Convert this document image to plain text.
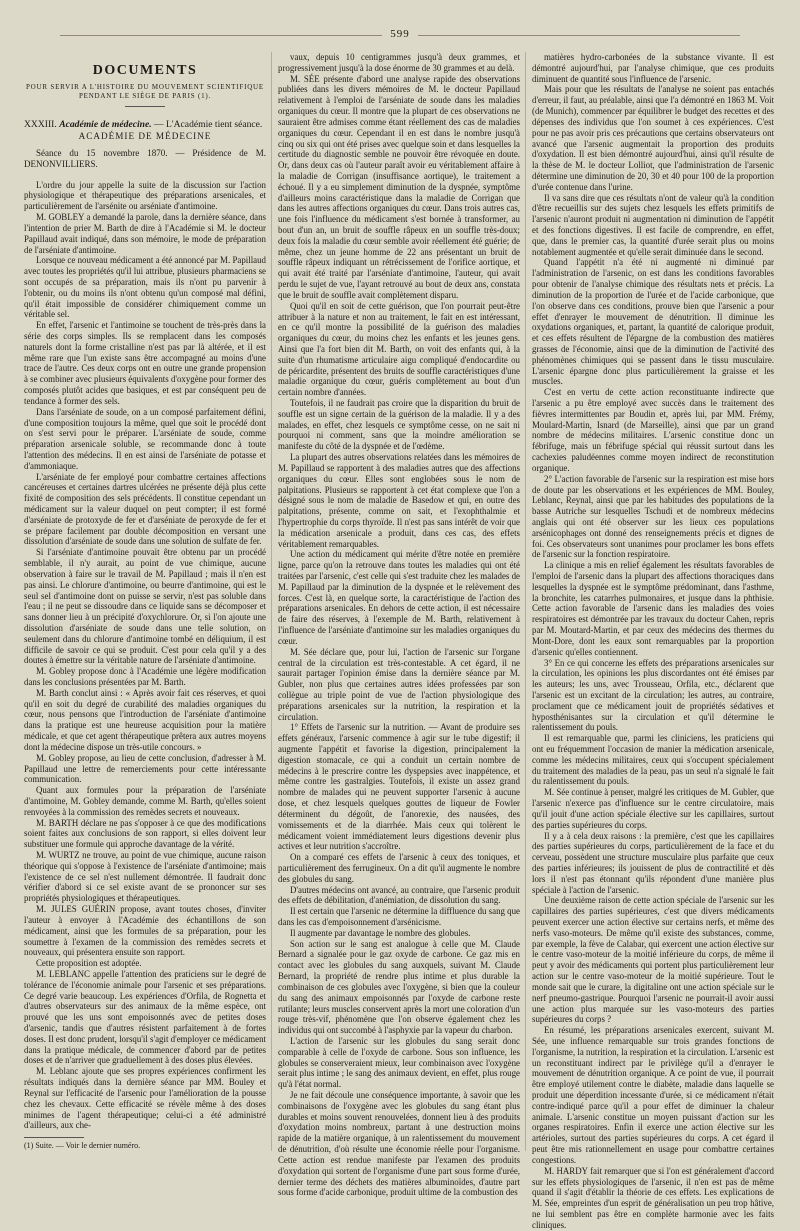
599
DOCUMENTS
POUR SERVIR A L'HISTOIRE DU MOUVEMENT SCIENTIFIQUE
PENDANT LE SIÈGE DE PARIS (1).

XXXIII. Académie de médecine. — L'Académie tient séance.

ACADÉMIE DE MÉDECINE

Séance du 15 novembre 1870. — Présidence de M. DENONVILLIERS.

L'ordre du jour appelle la suite de la discussion sur l'action physiologique et thérapeutique des préparations arsenicales, et particulièrement de l'arsénite ou arséniate d'antimoine.

M. GOBLEY a demandé la parole, dans la dernière séance, dans l'intention de prier M. Barth de dire à l'Académie si M. le docteur Papillaud avait indiqué, dans son mémoire, le mode de préparation de l'arséniate d'antimoine.

Lorsque ce nouveau médicament a été annoncé par M. Papillaud avec toutes les propriétés qu'il lui attribue, plusieurs pharmaciens se sont occupés de sa préparation, mais ils n'ont pu parvenir à l'obtenir, ou du moins ils n'ont obtenu qu'un composé mal défini, qu'il était impossible de considérer chimiquement comme un véritable sel.

En effet, l'arsenic et l'antimoine se touchent de très-près dans la série des corps simples. Ils se remplacent dans les composés naturels dont la forme cristalline n'est pas par là altérée, et il est même rare que l'un existe sans être accompagné au moins d'une trace de l'autre. Ces deux corps ont en outre une grande propension à se combiner avec plusieurs équivalents d'oxygène pour former des composés plutôt acides que basiques, et est par conséquent peu de tendance à former des sels.

Dans l'arséniate de soude, on a un composé parfaitement défini, d'une composition toujours la même, quel que soit le procédé dont on s'est servi pour le préparer. L'arséniate de soude, comme préparation arsenicale soluble, se recommande donc à toute l'attention des médecins. Il en est ainsi de l'arséniate de potasse et d'ammoniaque.

L'arséniate de fer employé pour combattre certaines affections cancéreuses et certaines dartres ulcérées ne présente déjà plus cette fixité de composition des sels précédents. Il constitue cependant un médicament sur la valeur duquel on peut compter; il est formé d'arséniate de protoxyde de fer et d'arséniate de peroxyde de fer et se prépare facilement par double décomposition en versant une dissolution d'arséniate de soude dans une solution de sulfate de fer.

Si l'arséniate d'antimoine pouvait être obtenu par un procédé semblable, il n'y aurait, au point de vue chimique, aucune observation à faire sur le travail de M. Papillaud ; mais il n'en est pas ainsi. Le chlorure d'antimoine, ou beurre d'antimoine, qui est le seul sel d'antimoine dont on puisse se servir, n'est pas soluble dans l'eau ; il ne peut se dissoudre dans ce liquide sans se décomposer et sans donner lieu à un précipité d'oxychlorure. Or, si l'on ajoute une dissolution d'arséniate de soude dans une telle solution, on seulement dans du chlorure d'antimoine tombé en déliquium, il est difficile de savoir ce qui se produit. C'est pour cela qu'il y a des doutes à émettre sur la véritable nature de l'arséniate d'antimoine.

M. Gobley propose donc à l'Académie une légère modification dans les conclusions présentées par M. Barth.

M. Barth conclut ainsi : « Après avoir fait ces réserves, et quoi qu'il en soit du degré de curabilité des maladies organiques du cœur, nous pensons que l'introduction de l'arséniate d'antimoine dans la pratique est une heureuse acquisition pour la matière médicale, et que cet agent thérapeutique prêtera aux autres moyens dont la médecine dispose un très-utile concours. »

M. Gobley propose, au lieu de cette conclusion, d'adresser à M. Papillaud une lettre de remerciements pour cette intéressante communication.

Quant aux formules pour la préparation de l'arséniate d'antimoine, M. Gobley demande, comme M. Barth, qu'elles soient renvoyées à la commission des remèdes secrets et nouveaux.

M. BARTH déclare ne pas s'opposer à ce que des modifications soient faites aux conclusions de son rapport, si elles doivent leur substituer une formule qui approche davantage de la vérité.

M. WURTZ ne trouve, au point de vue chimique, aucune raison théorique qui s'oppose à l'existence de l'arséniate d'antimoine; mais l'existence de ce sel n'est nullement démontrée. Il faudrait donc vérifier d'abord si ce sel existe avant de se prononcer sur ses propriétés physiologiques et thérapeutiques.

M. JULES GUÉRIN propose, avant toutes choses, d'inviter l'auteur à envoyer à l'Académie des échantillons de son médicament, ainsi que les formules de sa préparation, pour les soumettre à l'examen de la commission des remèdes secrets et nouveaux, qui présentera ensuite son rapport.

Cette proposition est adoptée.

M. LEBLANC appelle l'attention des praticiens sur le degré de tolérance de l'économie animale pour l'arsenic et ses préparations. Ce degré varie beaucoup. Les expériences d'Orfila, de Rognetta et d'autres observateurs sur des animaux de la même espèce, ont prouvé que les uns sont empoisonnés avec de petites doses d'arsenic, tandis que d'autres résistent parfaitement à de fortes doses. Il est donc prudent, lorsqu'il s'agit d'employer ce médicament dans la pratique médicale, de commencer d'abord par de petites doses et de n'arriver que graduellement à des doses plus élevées.

M. Leblanc ajoute que ses propres expériences confirment les résultats indiqués dans la dernière séance par MM. Bouley et Reynal sur l'efficacité de l'arsenic pour l'amélioration de la pousse chez les chevaux. Cette efficacité se révèle même à des doses minimes de l'agent thérapeutique; celui-ci a été administré d'ailleurs, aux che-

(1) Suite. — Voir le dernier numéro.

vaux, depuis 10 centigrammes jusqu'à deux grammes, et progressivement jusqu'à la dose énorme de 30 grammes et au delà.

M. SÉE présente d'abord une analyse rapide des observations publiées dans les divers mémoires de M. le docteur Papillaud relativement à l'emploi de l'arséniate de soude dans les maladies organiques du cœur. Il montre que la plupart de ces observations ne sauraient être admises comme étant réellement des cas de maladies organiques du cœur. Cependant il en est dans le nombre jusqu'à cinq ou six qui ont été prises avec quelque soin et dans lesquelles la certitude du diagnostic semble ne pouvoir être révoquée en doute. Or, dans deux cas où l'auteur paraît avoir eu véritablement affaire à la maladie de Corrigan (insuffisance aortique), le traitement a échoué. Il y a eu simplement diminution de la dyspnée, symptôme d'ailleurs moins caractéristique dans la maladie de Corrigan que dans les autres affections organiques du cœur. Dans trois autres cas, une fois l'influence du médicament s'est bornée à transformer, au bout d'un an, un bruit de souffle râpeux en un souffle très-doux; deux fois la maladie du cœur semble avoir réellement été guérie; de même, chez un jeune homme de 22 ans présentant un bruit de souffle râpeux indiquant un rétrécissement de l'orifice aortique, et qui avait été traité par l'arséniate d'antimoine, l'auteur, qui avait perdu le sujet de vue, l'ayant retrouvé au bout de deux ans, constata que le bruit de souffle avait complètement disparu.

Quoi qu'il en soit de cette guérison, que l'on pourrait peut-être attribuer à la nature et non au traitement, le fait en est intéressant, en ce qu'il montre la possibilité de la guérison des maladies organiques du cœur, du moins chez les enfants et les jeunes gens. Ainsi que l'a fort bien dit M. Barth, on voit des enfants qui, à la suite d'un rhumatisme articulaire aigu compliqué d'endocardite ou de péricardite, présentent des bruits de souffle caractéristiques d'une maladie organique du cœur, guéris complètement au bout d'un certain nombre d'années.

Toutefois, il ne faudrait pas croire que la disparition du bruit de souffle est un signe certain de la guérison de la maladie. Il y a des malades, en effet, chez lesquels ce symptôme cesse, on ne sait ni pourquoi ni comment, sans que la moindre amélioration se manifeste du côté de la dyspnée et de l'œdème.

La plupart des autres observations relatées dans les mémoires de M. Papillaud se rapportent à des maladies autres que des affections organiques du cœur. Elles sont englobées sous le nom de palpitations. Plusieurs se rapportent à cet état complexe que l'on a désigné sous le nom de maladie de Basedow et qui, en outre des palpitations, présente, comme on sait, et l'exophthalmie et l'hypertrophie du corps thyroïde. Il n'est pas sans intérêt de voir que la médication arsenicale a produit, dans ces cas, des effets véritablement remarquables.

Une action du médicament qui mérite d'être notée en première ligne, parce qu'on la retrouve dans toutes les maladies qui ont été traitées par l'arsenic, c'est celle qui s'est traduite chez les malades de M. Papillaud par la diminution de la dyspnée et le relèvement des forces. C'est là, en quelque sorte, la caractéristique de l'action des préparations arsenicales. En dehors de cette action, il est nécessaire de faire des réserves, à l'exemple de M. Barth, relativement à l'influence de l'arséniate d'antimoine sur les maladies organiques du cœur.

M. Sée déclare que, pour lui, l'action de l'arsenic sur l'organe central de la circulation est très-contestable. A cet égard, il ne saurait partager l'opinion émise dans la dernière séance par M. Gubler, non plus que certaines autres idées professées par son collègue au triple point de vue de l'action physiologique des préparations arsenicales sur la nutrition, la respiration et la circulation.

1° Effets de l'arsenic sur la nutrition. — Avant de produire ses effets généraux, l'arsenic commence à agir sur le tube digestif; il augmente l'appétit et favorise la digestion, principalement la digestion stomacale, ce qui a conduit un certain nombre de médecins à le prescrire contre les dyspepsies avec inappétence, et même contre les gastralgies. Toutefois, il existe un assez grand nombre de malades qui ne peuvent supporter l'arsenic à aucune dose, et chez lesquels quelques gouttes de liqueur de Fowler déterminent du dégoût, de l'anorexie, des nausées, des vomissements et de la diarrhée. Mais ceux qui tolèrent le médicament voient immédiatement leurs digestions devenir plus actives et leur nutrition s'accroître.

On a comparé ces effets de l'arsenic à ceux des toniques, et particulièrement des ferrugineux. On a dit qu'il augmente le nombre des globules du sang.

D'autres médecins ont avancé, au contraire, que l'arsenic produit des effets de débilitation, d'anémiation, de dissolution du sang.

Il est certain que l'arsenic ne détermine la diffluence du sang que dans les cas d'empoisonnement d'arsénicisme.

Il augmente par davantage le nombre des globules.

Son action sur le sang est analogue à celle que M. Claude Bernard a signalée pour le gaz oxyde de carbone. Ce gaz mis en contact avec les globules du sang auxquels, suivant M. Claude Bernard, la propriété de rendre plus intime et plus durable la combinaison de ces globules avec l'oxygène, si bien que la couleur du sang des animaux empoisonnés par l'oxyde de carbone reste rutilante; leurs muscles conservent après la mort une coloration d'un rouge très-vif, phénomène que l'on observe également chez les individus qui ont succombé à l'asphyxie par la vapeur du charbon.

L'action de l'arsenic sur les globules du sang serait donc comparable à celle de l'oxyde de carbone. Sous son influence, les globules se conserveraient mieux, leur combinaison avec l'oxygène serait plus intime ; le sang des animaux devient, en effet, plus rouge qu'à l'état normal.

Je ne fait découle une conséquence importante, à savoir que les combinaisons de l'oxygène avec les globules du sang étant plus durables et moins souvent renouvelées, donnent lieu à des produits d'oxydation moins nombreux, partant à une destruction moins rapide de la matière organique, à un ralentissement du mouvement de dénutrition, d'où résulte une économie réelle pour l'organisme. Cette action est rendue manifeste par l'examen des produits d'oxydation qui sortent de l'organisme d'une part sous forme d'urée, dernier terme des déchets des matières albuminoïdes, d'autre part sous forme d'acide carbonique, produit ultime de la combustion des

matières hydro-carbonées de la substance vivante. Il est démontré aujourd'hui, par l'analyse chimique, que ces produits diminuent de quantité sous l'influence de l'arsenic.

Mais pour que les résultats de l'analyse ne soient pas entachés d'erreur, il faut, au préalable, ainsi que l'a démontré en 1863 M. Voit (de Munich), commencer par équilibrer le budget des recettes et des dépenses des individus que l'on soumet à ces expériences. C'est pour ne pas avoir pris ces précautions que certains observateurs ont avancé que l'arsenic augmentait la proportion des produits d'oxydation. Il est bien démontré aujourd'hui, ainsi qu'il résulte de la thèse de M. le docteur Lolliot, que l'administration de l'arsenic détermine une diminution de 20, 30 et 40 pour 100 de la proportion d'urée contenue dans l'urine.

Il va sans dire que ces résultats n'ont de valeur qu'à la condition d'être recueillis sur des sujets chez lesquels les effets primitifs de l'arsenic n'auront produit ni augmentation ni diminution de l'appétit et des fonctions digestives. Il est facile de comprendre, en effet, que, dans le premier cas, la quantité d'urée serait plus ou moins notablement augmentée et qu'elle serait diminuée dans le second.

Quand l'appétit n'a été ni augmenté ni diminué par l'administration de l'arsenic, on est dans les conditions favorables pour obtenir de l'analyse chimique des résultats nets et précis. La diminution de la proportion de l'urée et de l'acide carbonique, que l'on observe dans ces conditions, prouve bien que l'arsenic a pour effet d'enrayer le mouvement de dénutrition. Il diminue les oxydations organiques, et, partant, la quantité de calorique produit, et ces effets résultent de l'épargne de la combustion des matières grasses de l'économie, ainsi que de la diminution de l'activité des phénomènes chimiques qui se passent dans le tissu musculaire. L'arsenic épargne donc plus particulièrement la graisse et les muscles.

C'est en vertu de cette action reconstituante indirecte que l'arsenic a pu être employé avec succès dans le traitement des fièvres intermittentes par Boudin et, après lui, par MM. Frémy, Moulard-Martin, Isnard (de Marseille), ainsi que par un grand nombre de médecins militaires. L'arsenic constitue donc un fébrifuge, mais un fébrifuge spécial qui réussit surtout dans les cachexies paludéennes comme moyen indirect de reconstitution organique.

2° L'action favorable de l'arsenic sur la respiration est mise hors de doute par les observations et les expériences de MM. Bouley, Leblanc, Reynal, ainsi que par les habitudes des populations de la basse Autriche sur lesquelles Tschudi et de nombreux médecins anglais qui ont été observer sur les lieux ces populations arsénicophages ont donné des renseignements précis et dignes de foi. Ces observateurs sont unanimes pour proclamer les bons effets de l'arsenic sur la fonction respiratoire.

La clinique a mis en relief également les résultats favorables de l'emploi de l'arsenic dans la plupart des affections thoraciques dans lesquelles la dyspnée est le symptôme prédominant, dans l'asthme, la bronchite, les catarrhes pulmonaires, et jusque dans la phthisie. Cette action favorable de l'arsenic dans les maladies des voies respiratoires est démontrée par les travaux du docteur Cahen, repris par M. Moutard-Martin, et par ceux des médecins des thermes du Mont-Dore, dont les eaux sont remarquables par la proportion d'arsenic qu'elles contiennent.

3° En ce qui concerne les effets des préparations arsenicales sur la circulation, les opinions les plus discordantes ont été émises par les auteurs; les uns, avec Trousseau, Orfila, etc., déclarent que l'arsenic est un excitant de la circulation; les autres, au contraire, proclament que ce médicament jouit de propriétés sédatives et hyposthénisantes sur la circulation et qu'il détermine le ralentissement du pouls.

Il est remarquable que, parmi les cliniciens, les praticiens qui ont eu fréquemment l'occasion de manier la médication arsenicale, comme les médecins militaires, ceux qui s'occupent spécialement du traitement des maladies de la peau, pas un seul n'a signalé le fait du ralentissement du pouls.

M. Sée continue à penser, malgré les critiques de M. Gubler, que l'arsenic n'exerce pas d'influence sur le centre circulatoire, mais qu'il jouit d'une action spéciale élective sur les capillaires, surtout des parties supérieures du corps.

Il y a à cela deux raisons : la première, c'est que les capillaires des parties supérieures du corps, particulièrement de la face et du cerveau, possèdent une structure musculaire plus parfaite que ceux des parties inférieures; ils jouissent de plus de contractilité et dès lors il n'est pas étonnant qu'ils répondent d'une manière plus spéciale à l'action de l'arsenic.

Une deuxième raison de cette action spéciale de l'arsenic sur les capillaires des parties supérieures, c'est que divers médicaments peuvent exercer une action élective sur certains nerfs, et même des nerfs vaso-moteurs. De même qu'il existe des substances, comme, par exemple, la fève de Calabar, qui exercent une action élective sur le centre vaso-moteur de la moitié inférieure du corps, de même il peut y avoir des médicaments qui portent plus particulièrement leur action sur le centre vaso-moteur de la moitié supérieure. Tout le monde sait que le curare, la digitaline ont une action spéciale sur le nerf pneumo-gastrique. Pourquoi l'arsenic ne pourrait-il avoir aussi une action plus marquée sur les vaso-moteurs des parties supérieures du corps ?

En résumé, les préparations arsenicales exercent, suivant M. Sée, une influence remarquable sur trois grandes fonctions de l'organisme, la nutrition, la respiration et la circulation. L'arsenic est un reconstituant indirect par le privilège qu'il a d'enrayer le mouvement de dénutrition organique. A ce point de vue, il pourrait être employé utilement contre le diabète, maladie dans laquelle se produit une déperdition incessante d'urée, si ce médicament n'était contre-indiqué parce qu'il a pour effet de diminuer la chaleur animale. L'arsenic constitue un moyen puissant d'action sur les organes respiratoires. Enfin il exerce une action élective sur les artérioles, surtout des parties supérieures du corps. A cet égard il peut être mis rationnellement en usage pour combattre certaines congestions.

M. HARDY fait remarquer que si l'on est généralement d'accord sur les effets physiologiques de l'arsenic, il n'en est pas de même quand il s'agit d'établir la théorie de ces effets. Les explications de M. Sée, empreintes d'un esprit de généralisation un peu trop hâtive, ne lui semblent pas être en complète harmonie avec les faits cliniques.
